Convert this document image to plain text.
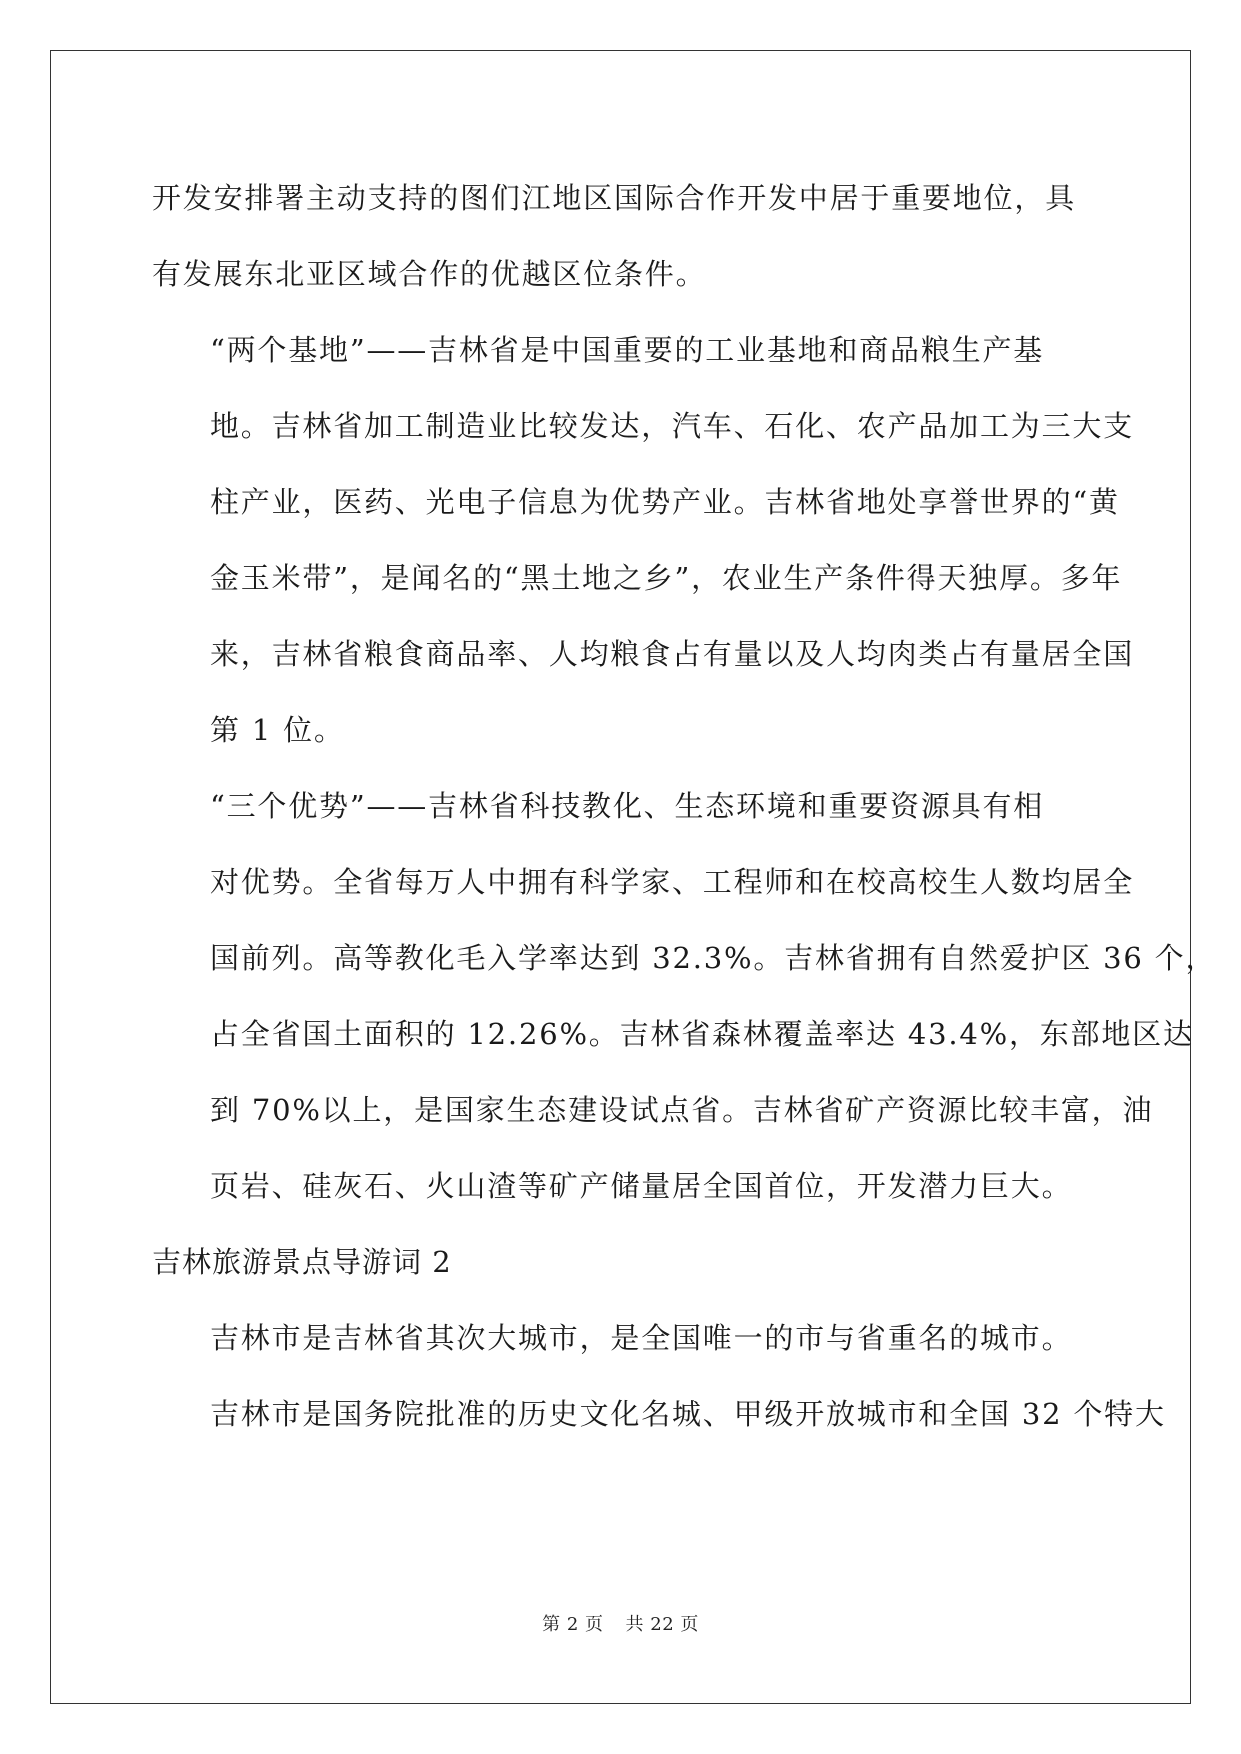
开发安排署主动支持的图们江地区国际合作开发中居于重要地位，具
有发展东北亚区域合作的优越区位条件。

“两个基地”——吉林省是中国重要的工业基地和商品粮生产基
地。吉林省加工制造业比较发达，汽车、石化、农产品加工为三大支
柱产业，医药、光电子信息为优势产业。吉林省地处享誉世界的“黄
金玉米带”，是闻名的“黑土地之乡”，农业生产条件得天独厚。多年
来，吉林省粮食商品率、人均粮食占有量以及人均肉类占有量居全国
第 1 位。

“三个优势”——吉林省科技教化、生态环境和重要资源具有相
对优势。全省每万人中拥有科学家、工程师和在校高校生人数均居全
国前列。高等教化毛入学率达到 32.3%。吉林省拥有自然爱护区 36 个，
占全省国土面积的 12.26%。吉林省森林覆盖率达 43.4%，东部地区达
到 70%以上，是国家生态建设试点省。吉林省矿产资源比较丰富，油
页岩、硅灰石、火山渣等矿产储量居全国首位，开发潜力巨大。

吉林旅游景点导游词 2

吉林市是吉林省其次大城市，是全国唯一的市与省重名的城市。
吉林市是国务院批准的历史文化名城、甲级开放城市和全国 32 个特大

第 2 页 共 22 页
